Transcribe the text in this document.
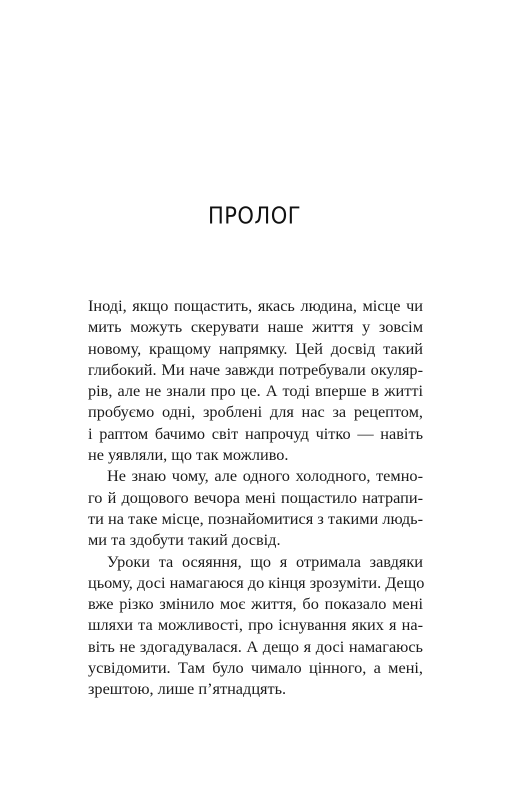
ПРОЛОГ

Іноді, якщо пощастить, якась людина, місце чи
мить можуть скерувати наше життя у зовсім
новому, кращому напрямку. Цей досвід такий
глибокий. Ми наче завжди потребували окуляр-
рів, але не знали про це. А тоді вперше в житті
пробуємо одні, зроблені для нас за рецептом,
і раптом бачимо світ напрочуд чітко — навіть
не уявляли, що так можливо.

Не знаю чому, але одного холодного, темно-
го й дощового вечора мені пощастило натрапи-
ти на таке місце, познайомитися з такими людь-
ми та здобути такий досвід.

Уроки та осяяння, що я отримала завдяки
цьому, досі намагаюся до кінця зрозуміти. Дещо
вже різко змінило моє життя, бо показало мені
шляхи та можливості, про існування яких я на-
віть не здогадувалася. А дещо я досі намагаюсь
усвідомити. Там було чимало цінного, а мені,
зрештою, лише п’ятнадцять.
